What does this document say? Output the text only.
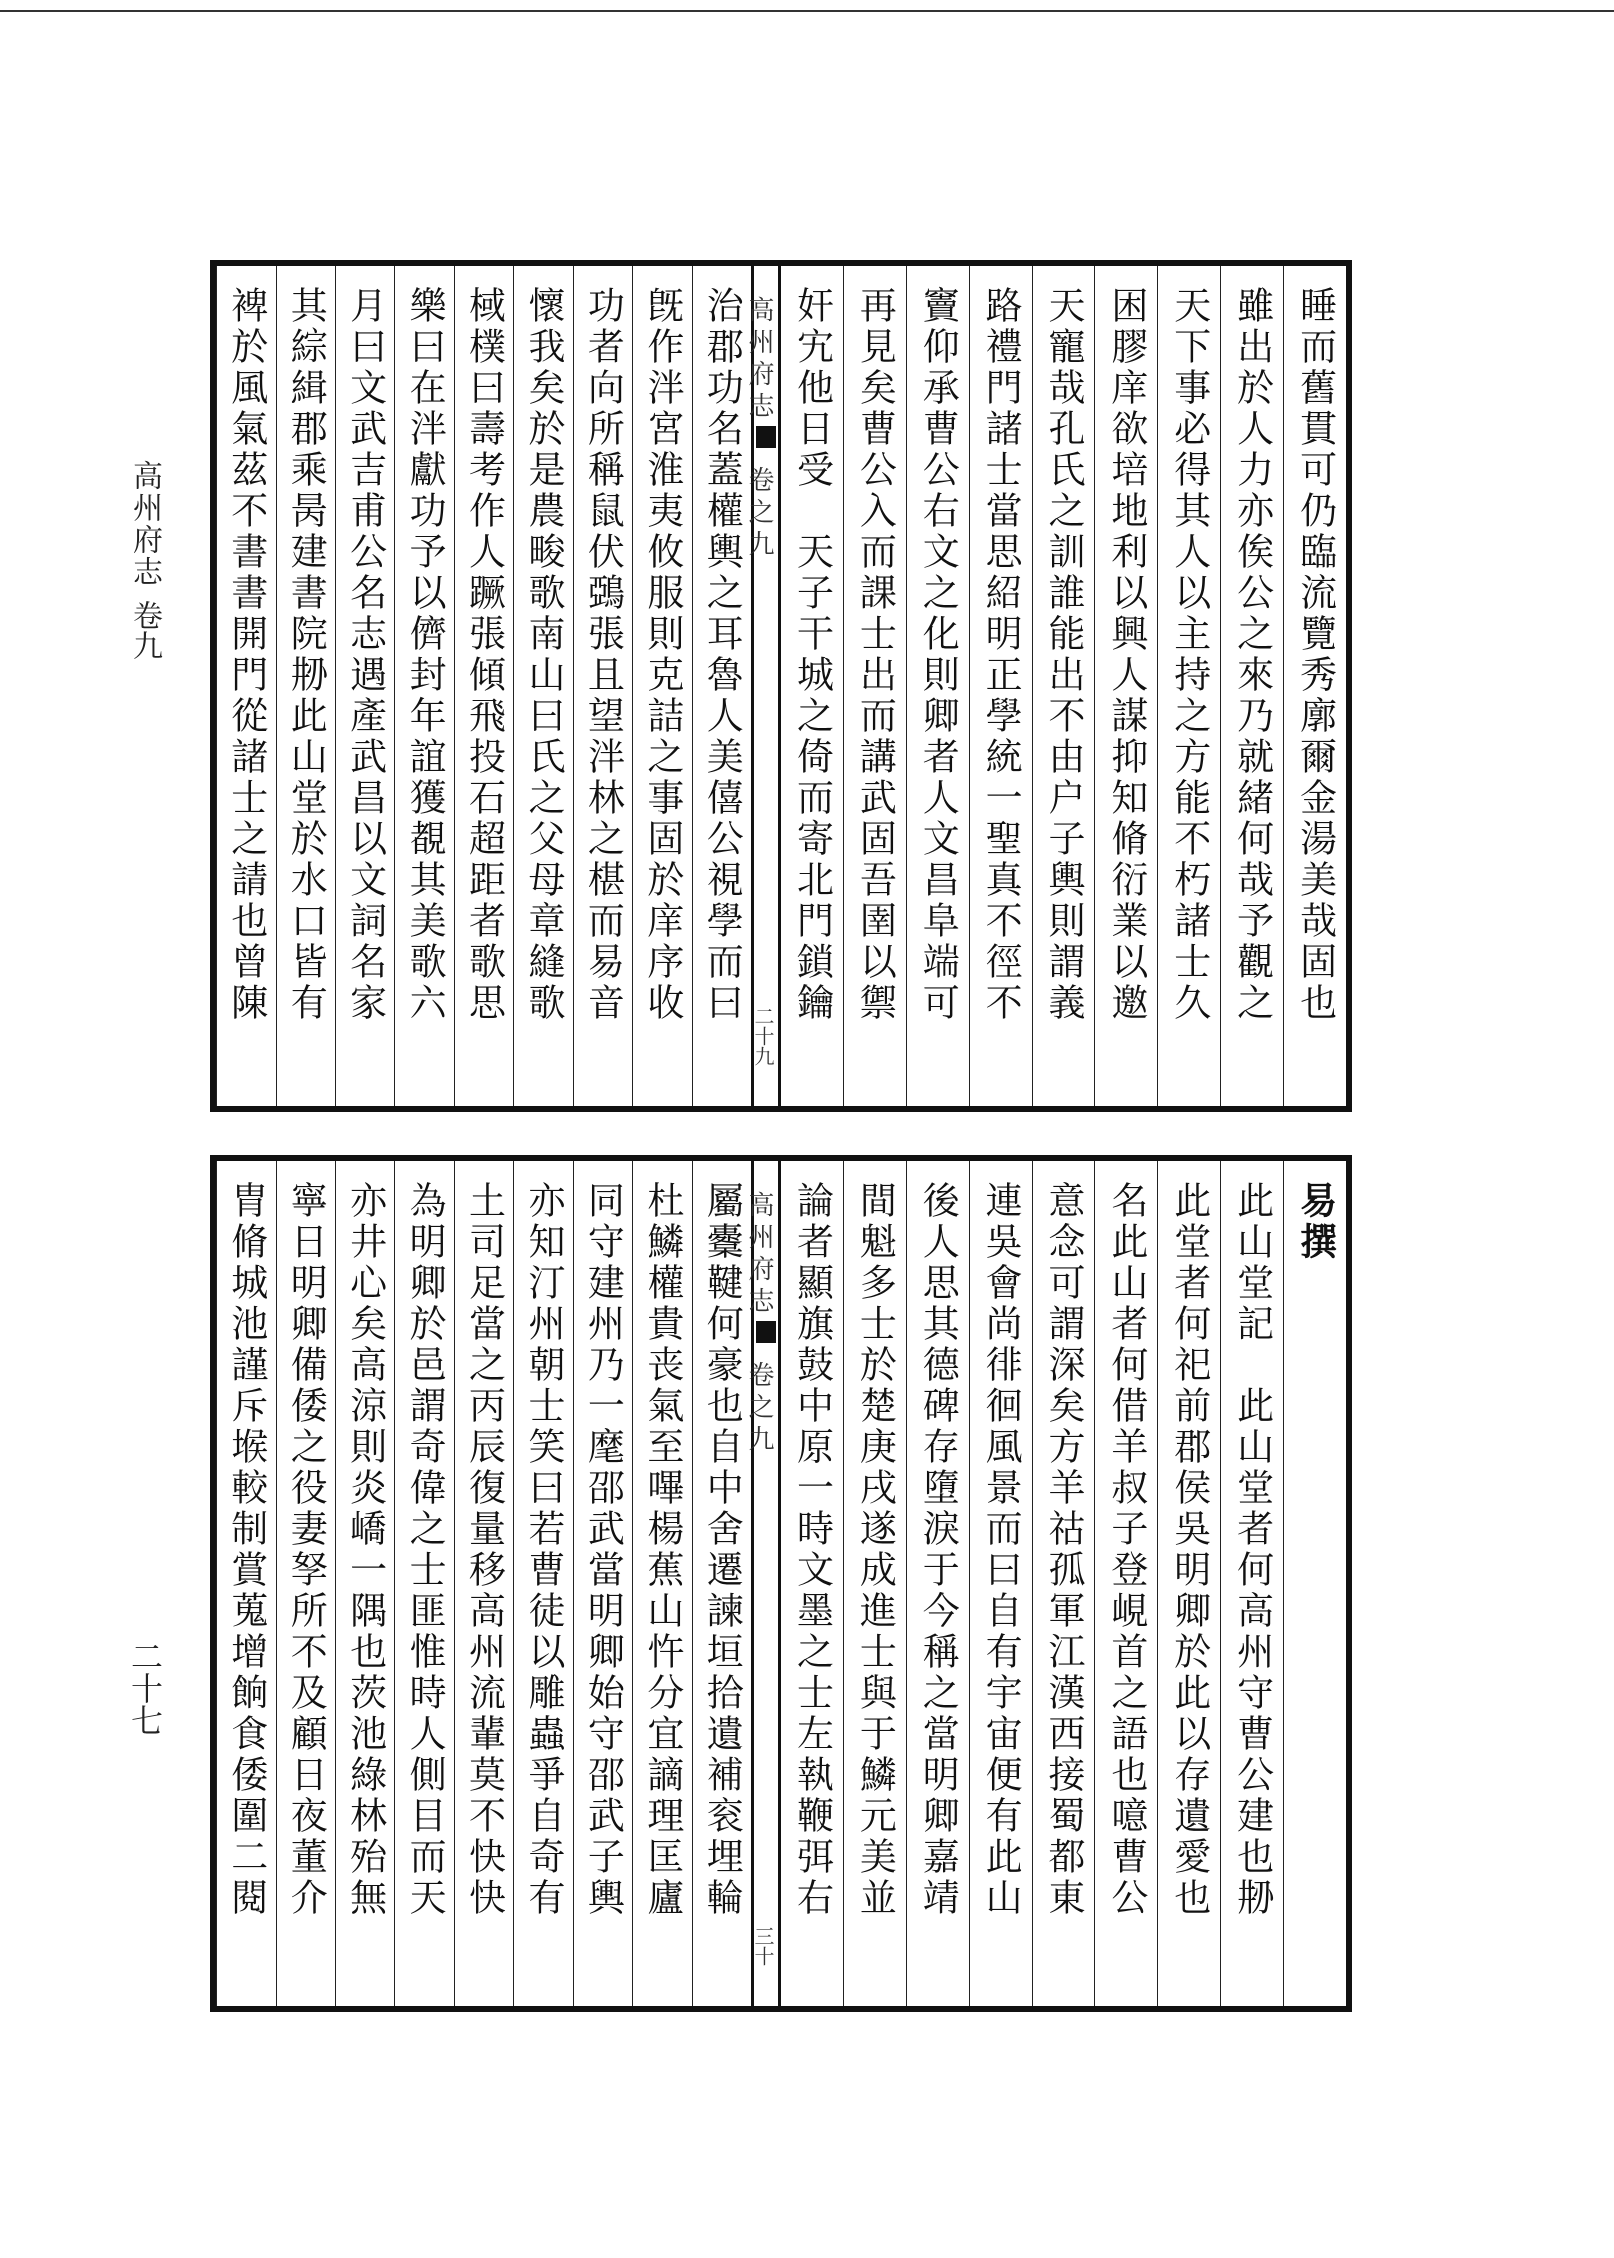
高州府志
卷九
二十七
睡而舊貫可仍臨流覽秀廓爾金湯美哉固也
雖出於人力亦俟公之來乃就緒何哉予觀之
天下事必得其人以主持之方能不朽諸士久
困膠庠欲培地利以興人謀抑知脩衍業以邀
天寵哉孔氏之訓誰能出不由户子輿則謂義
路禮門諸士當思紹明正學統一聖真不徑不
竇仰承曹公右文之化則卿者人文昌阜端可
再見矣曹公入而課士出而講武固吾圉以禦
奸宄他日受　天子干城之倚而寄北門鎖鑰
高州府志
卷之九
二十九
治郡功名蓋權輿之耳魯人美僖公視學而曰
旣作泮宮淮夷攸服則克詰之事固於庠序收
功者向所稱鼠伏鵶張且望泮林之椹而易音
懷我矣於是農畯歌南山曰氏之父母章縫歌
棫樸曰壽考作人蹶張傾飛投石超距者歌思
樂曰在泮獻功予以儕封年誼獲覩其美歌六
月曰文武吉甫公名志遇產武昌以文詞名家
其綜緝郡乘昺建書院刱此山堂於水口皆有
裨於風氣茲不書書開門從諸士之請也曾陳
易撰
此山堂記　此山堂者何高州守曹公建也刱
此堂者何祀前郡侯吳明卿於此以存遺愛也
名此山者何借羊叔子登峴首之語也噫曹公
意念可謂深矣方羊祜孤軍江漢西接蜀都東
連吳會尚徘徊風景而曰自有宇宙便有此山
後人思其德碑存墮淚于今稱之當明卿嘉靖
間魁多士於楚庚戌遂成進士與于鱗元美並
論者顯旗鼓中原一時文墨之士左執鞭弭右
高州府志
卷之九
三十
屬櫜鞬何豪也自中舍遷諫垣拾遺補衮埋輪
杜鱗權貴丧氣至嗶楊蕉山忤分宜謫理匡廬
同守建州乃一麾邵武當明卿始守邵武子輿
亦知汀州朝士笑曰若曹徒以雕蟲爭自奇有
土司足當之丙辰復量移高州流輩莫不快快
為明卿於邑謂奇偉之士匪惟時人側目而天
亦井心矣高涼則炎嶠一隅也茨池綠林殆無
寧日明卿備倭之役妻孥所不及顧日夜董介
胄脩城池謹斥堠較制賞蒐增餉食倭圍二閱
